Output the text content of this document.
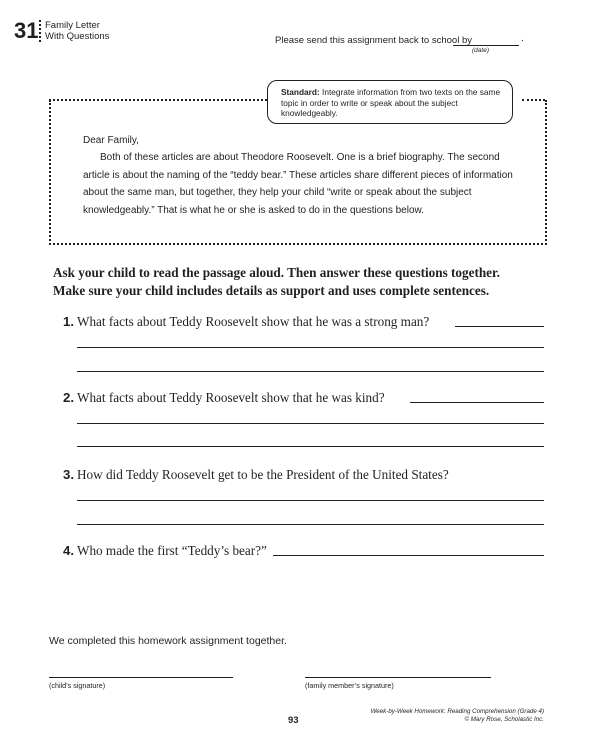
31 Family Letter
With Questions	Please send this assignment back to school by	.
(date)
Standard: Integrate information from two texts on the same topic in order to write or speak about the subject knowledgeably.

Dear Family,

Both of these articles are about Theodore Roosevelt. One is a brief biography. The second article is about the naming of the “teddy bear.” These articles share different pieces of information about the same man, but together, they help your child “write or speak about the subject knowledgeably.” That is what he or she is asked to do in the questions below.

Ask your child to read the passage aloud. Then answer these questions together.
Make sure your child includes details as support and uses complete sentences.
1. What facts about Teddy Roosevelt show that he was a strong man?
2. What facts about Teddy Roosevelt show that he was kind?
3. How did Teddy Roosevelt get to be the President of the United States?
4. Who made the first “Teddy’s bear?”
We completed this homework assignment together.
(child’s signature)	(family member’s signature)
93
Week-by-Week Homework: Reading Comprehension (Grade 4)
© Mary Rose, Scholastic Inc.
